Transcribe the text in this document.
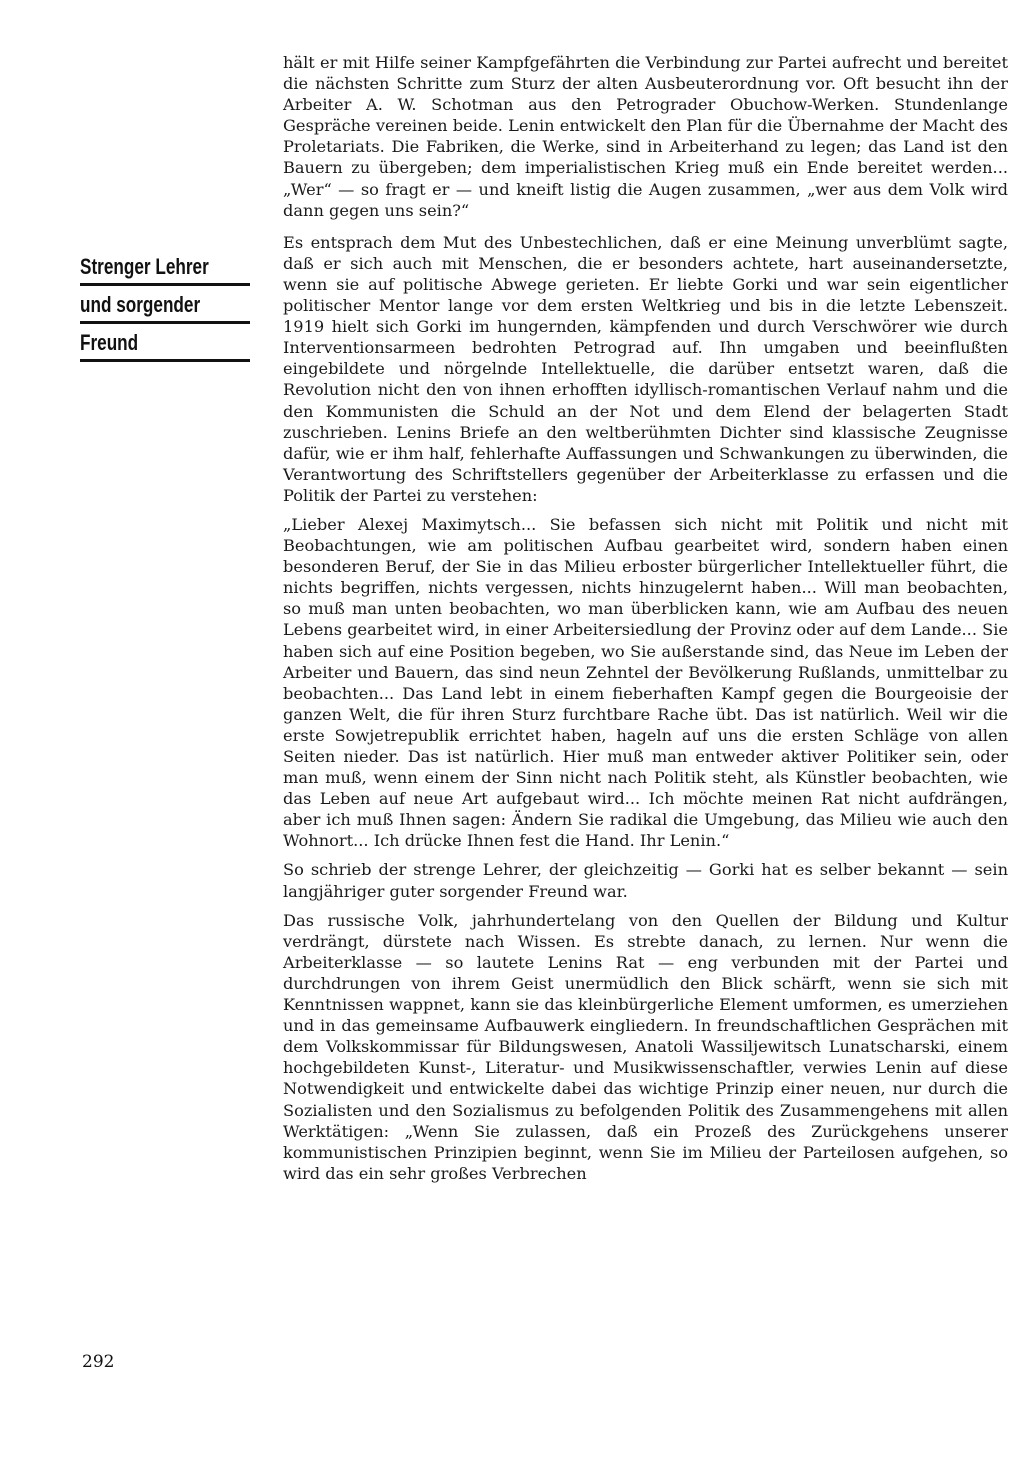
Strenger Lehrer
und sorgender
Freund

hält er mit Hilfe seiner Kampfgefährten die Verbindung zur Partei aufrecht und bereitet die nächsten Schritte zum Sturz der alten Ausbeuterordnung vor. Oft besucht ihn der Arbeiter A. W. Schotman aus den Petrograder Obuchow-Werken. Stundenlange Gespräche vereinen beide. Lenin entwickelt den Plan für die Übernahme der Macht des Proletariats. Die Fabriken, die Werke, sind in Arbeiterhand zu legen; das Land ist den Bauern zu übergeben; dem imperialistischen Krieg muß ein Ende bereitet werden... „Wer“ — so fragt er — und kneift listig die Augen zusammen, „wer aus dem Volk wird dann gegen uns sein?“

Es entsprach dem Mut des Unbestechlichen, daß er eine Meinung unverblümt sagte, daß er sich auch mit Menschen, die er besonders achtete, hart auseinandersetzte, wenn sie auf politische Abwege gerieten. Er liebte Gorki und war sein eigentlicher politischer Mentor lange vor dem ersten Weltkrieg und bis in die letzte Lebenszeit. 1919 hielt sich Gorki im hungernden, kämpfenden und durch Verschwörer wie durch Interventionsarmeen bedrohten Petrograd auf. Ihn umgaben und beeinflußten eingebildete und nörgelnde Intellektuelle, die darüber entsetzt waren, daß die Revolution nicht den von ihnen erhofften idyllisch-romantischen Verlauf nahm und die den Kommunisten die Schuld an der Not und dem Elend der belagerten Stadt zuschrieben. Lenins Briefe an den weltberühmten Dichter sind klassische Zeugnisse dafür, wie er ihm half, fehlerhafte Auffassungen und Schwankungen zu überwinden, die Verantwortung des Schriftstellers gegenüber der Arbeiterklasse zu erfassen und die Politik der Partei zu verstehen:

„Lieber Alexej Maximytsch... Sie befassen sich nicht mit Politik und nicht mit Beobachtungen, wie am politischen Aufbau gearbeitet wird, sondern haben einen besonderen Beruf, der Sie in das Milieu erboster bürgerlicher Intellektueller führt, die nichts begriffen, nichts vergessen, nichts hinzugelernt haben... Will man beobachten, so muß man unten beobachten, wo man überblicken kann, wie am Aufbau des neuen Lebens gearbeitet wird, in einer Arbeitersiedlung der Provinz oder auf dem Lande... Sie haben sich auf eine Position begeben, wo Sie außerstande sind, das Neue im Leben der Arbeiter und Bauern, das sind neun Zehntel der Bevölkerung Rußlands, unmittelbar zu beobachten... Das Land lebt in einem fieberhaften Kampf gegen die Bourgeoisie der ganzen Welt, die für ihren Sturz furchtbare Rache übt. Das ist natürlich. Weil wir die erste Sowjetrepublik errichtet haben, hageln auf uns die ersten Schläge von allen Seiten nieder. Das ist natürlich. Hier muß man entweder aktiver Politiker sein, oder man muß, wenn einem der Sinn nicht nach Politik steht, als Künstler beobachten, wie das Leben auf neue Art aufgebaut wird... Ich möchte meinen Rat nicht aufdrängen, aber ich muß Ihnen sagen: Ändern Sie radikal die Umgebung, das Milieu wie auch den Wohnort... Ich drücke Ihnen fest die Hand. Ihr Lenin.“

So schrieb der strenge Lehrer, der gleichzeitig — Gorki hat es selber bekannt — sein langjähriger guter sorgender Freund war.

Das russische Volk, jahrhundertelang von den Quellen der Bildung und Kultur verdrängt, dürstete nach Wissen. Es strebte danach, zu lernen. Nur wenn die Arbeiterklasse — so lautete Lenins Rat — eng verbunden mit der Partei und durchdrungen von ihrem Geist unermüdlich den Blick schärft, wenn sie sich mit Kenntnissen wappnet, kann sie das kleinbürgerliche Element umformen, es umerziehen und in das gemeinsame Aufbauwerk eingliedern. In freundschaftlichen Gesprächen mit dem Volkskommissar für Bildungswesen, Anatoli Wassiljewitsch Lunatscharski, einem hochgebildeten Kunst-, Literatur- und Musikwissenschaftler, verwies Lenin auf diese Notwendigkeit und entwickelte dabei das wichtige Prinzip einer neuen, nur durch die Sozialisten und den Sozialismus zu befolgenden Politik des Zusammengehens mit allen Werktätigen: „Wenn Sie zulassen, daß ein Prozeß des Zurückgehens unserer kommunistischen Prinzipien beginnt, wenn Sie im Milieu der Parteilosen aufgehen, so wird das ein sehr großes Verbrechen

292
